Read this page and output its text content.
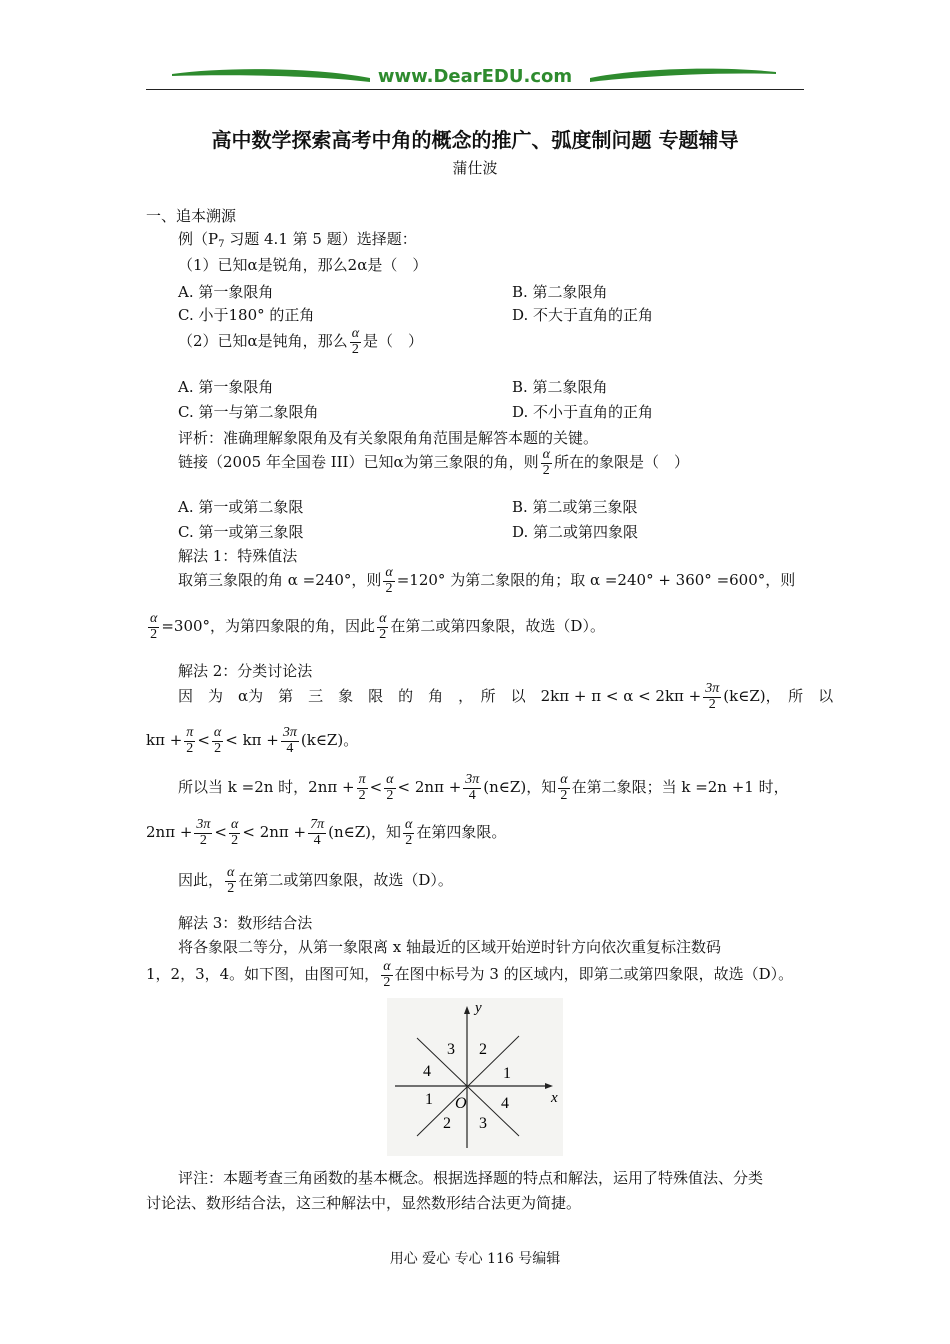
www.DearEDU.com
高中数学探索高考中角的概念的推广、弧度制问题 专题辅导
蒲仕波
一、追本溯源
例（$P_7$ 习题 4.1 第 5 题）选择题：
（1）已知α是锐角，那么2α是（　）
A. 第一象限角	B. 第二象限角
C. 小于180° 的正角	D. 不大于直角的正角
（2）已知α是钝角，那么 $\frac{\alpha}{2}$ 是（　）
A. 第一象限角	B. 第二象限角
C. 第一与第二象限角	D. 不小于直角的正角
评析：准确理解象限角及有关象限角角范围是解答本题的关键。
链接（2005 年全国卷 III）已知α为第三象限的角，则 $\frac{\alpha}{2}$ 所在的象限是（　）
A. 第一或第二象限	B. 第二或第三象限
C. 第一或第三象限	D. 第二或第四象限
解法 1：特殊值法
取第三象限的角 α =240°，则 $\frac{\alpha}{2} =120^\circ$ 为第二象限的角；取 α =240° + 360° =600°，则
$\frac{\alpha}{2} =300^\circ$，为第四象限的角，因此 $\frac{\alpha}{2}$ 在第二或第四象限，故选（D）。
解法 2：分类讨论法
因　为　α为　第　三　象　限　的　角　，　所　以　$2k\pi + \pi < \alpha < 2k\pi + \frac{3\pi}{2}$ (k∈Z)，　所　以
$k\pi + \frac{\pi}{2} < \frac{\alpha}{2} < k\pi + \frac{3\pi}{4}$ (k∈Z)。
所以当 k =2n 时，$2n\pi + \frac{\pi}{2} < \frac{\alpha}{2} < 2n\pi + \frac{3\pi}{4}$ (n∈Z)，知 $\frac{\alpha}{2}$ 在第二象限；当 k =2n +1 时，
$2n\pi + \frac{3\pi}{2} < \frac{\alpha}{2} < 2n\pi + \frac{7\pi}{4}$ (n∈Z)，知 $\frac{\alpha}{2}$ 在第四象限。
因此， $\frac{\alpha}{2}$ 在第二或第四象限，故选（D）。
解法 3：数形结合法
将各象限二等分，从第一象限离 x 轴最近的区域开始逆时针方向依次重复标注数码
1，2，3，4。如下图，由图可知， $\frac{\alpha}{2}$ 在图中标号为 3 的区域内，即第二或第四象限，故选（D）。
y
x
O
3 2
4	1
1	4
2 3
评注：本题考查三角函数的基本概念。根据选择题的特点和解法，运用了特殊值法、分类
讨论法、数形结合法，这三种解法中，显然数形结合法更为简捷。
用心 爱心 专心 116 号编辑
